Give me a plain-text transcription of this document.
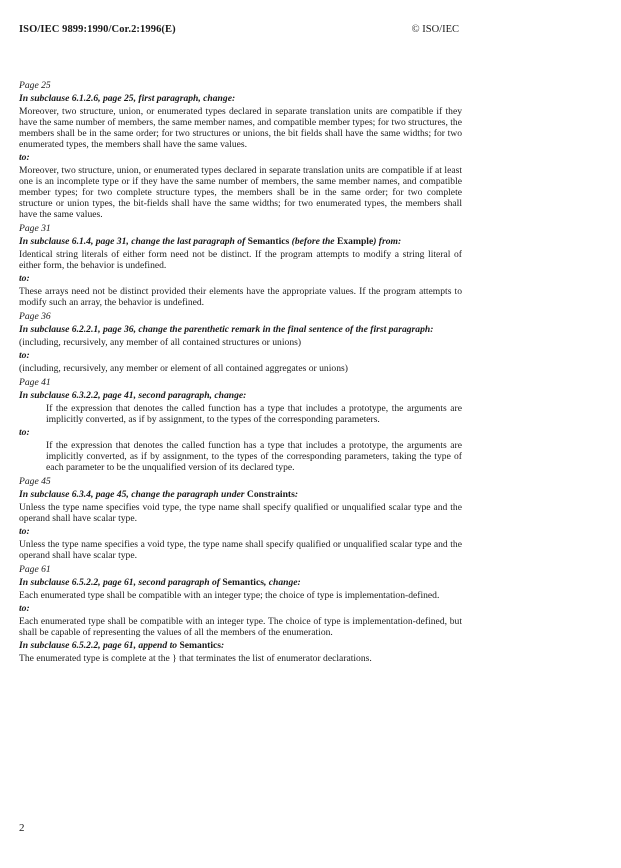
ISO/IEC 9899:1990/Cor.2:1996(E)	© ISO/IEC

Page 25

In subclause 6.1.2.6, page 25, first paragraph, change:

Moreover, two structure, union, or enumerated types declared in separate translation units are compatible if they have the same number of members, the same member names, and compatible member types; for two structures, the members shall be in the same order; for two structures or unions, the bit fields shall have the same widths; for two enumerated types, the members shall have the same values.

to:

Moreover, two structure, union, or enumerated types declared in separate translation units are compatible if at least one is an incomplete type or if they have the same number of members, the same member names, and compatible member types; for two complete structure types, the members shall be in the same order; for two complete structure or union types, the bit-fields shall have the same widths; for two enumerated types, the members shall have the same values.

Page 31

In subclause 6.1.4, page 31, change the last paragraph of Semantics (before the Example) from:

Identical string literals of either form need not be distinct. If the program attempts to modify a string literal of either form, the behavior is undefined.

to:

These arrays need not be distinct provided their elements have the appropriate values. If the program attempts to modify such an array, the behavior is undefined.

Page 36

In subclause 6.2.2.1, page 36, change the parenthetic remark in the final sentence of the first paragraph:

(including, recursively, any member of all contained structures or unions)

to:

(including, recursively, any member or element of all contained aggregates or unions)

Page 41

In subclause 6.3.2.2, page 41, second paragraph, change:

If the expression that denotes the called function has a type that includes a prototype, the arguments are implicitly converted, as if by assignment, to the types of the corresponding parameters.

to:

If the expression that denotes the called function has a type that includes a prototype, the arguments are implicitly converted, as if by assignment, to the types of the corresponding parameters, taking the type of each parameter to be the unqualified version of its declared type.

Page 45

In subclause 6.3.4, page 45, change the paragraph under Constraints:

Unless the type name specifies void type, the type name shall specify qualified or unqualified scalar type and the operand shall have scalar type.

to:

Unless the type name specifies a void type, the type name shall specify qualified or unqualified scalar type and the operand shall have scalar type.

Page 61

In subclause 6.5.2.2, page 61, second paragraph of Semantics, change:

Each enumerated type shall be compatible with an integer type; the choice of type is implementation-defined.

to:

Each enumerated type shall be compatible with an integer type. The choice of type is implementation-defined, but shall be capable of representing the values of all the members of the enumeration.

In subclause 6.5.2.2, page 61, append to Semantics:

The enumerated type is complete at the } that terminates the list of enumerator declarations.

2
